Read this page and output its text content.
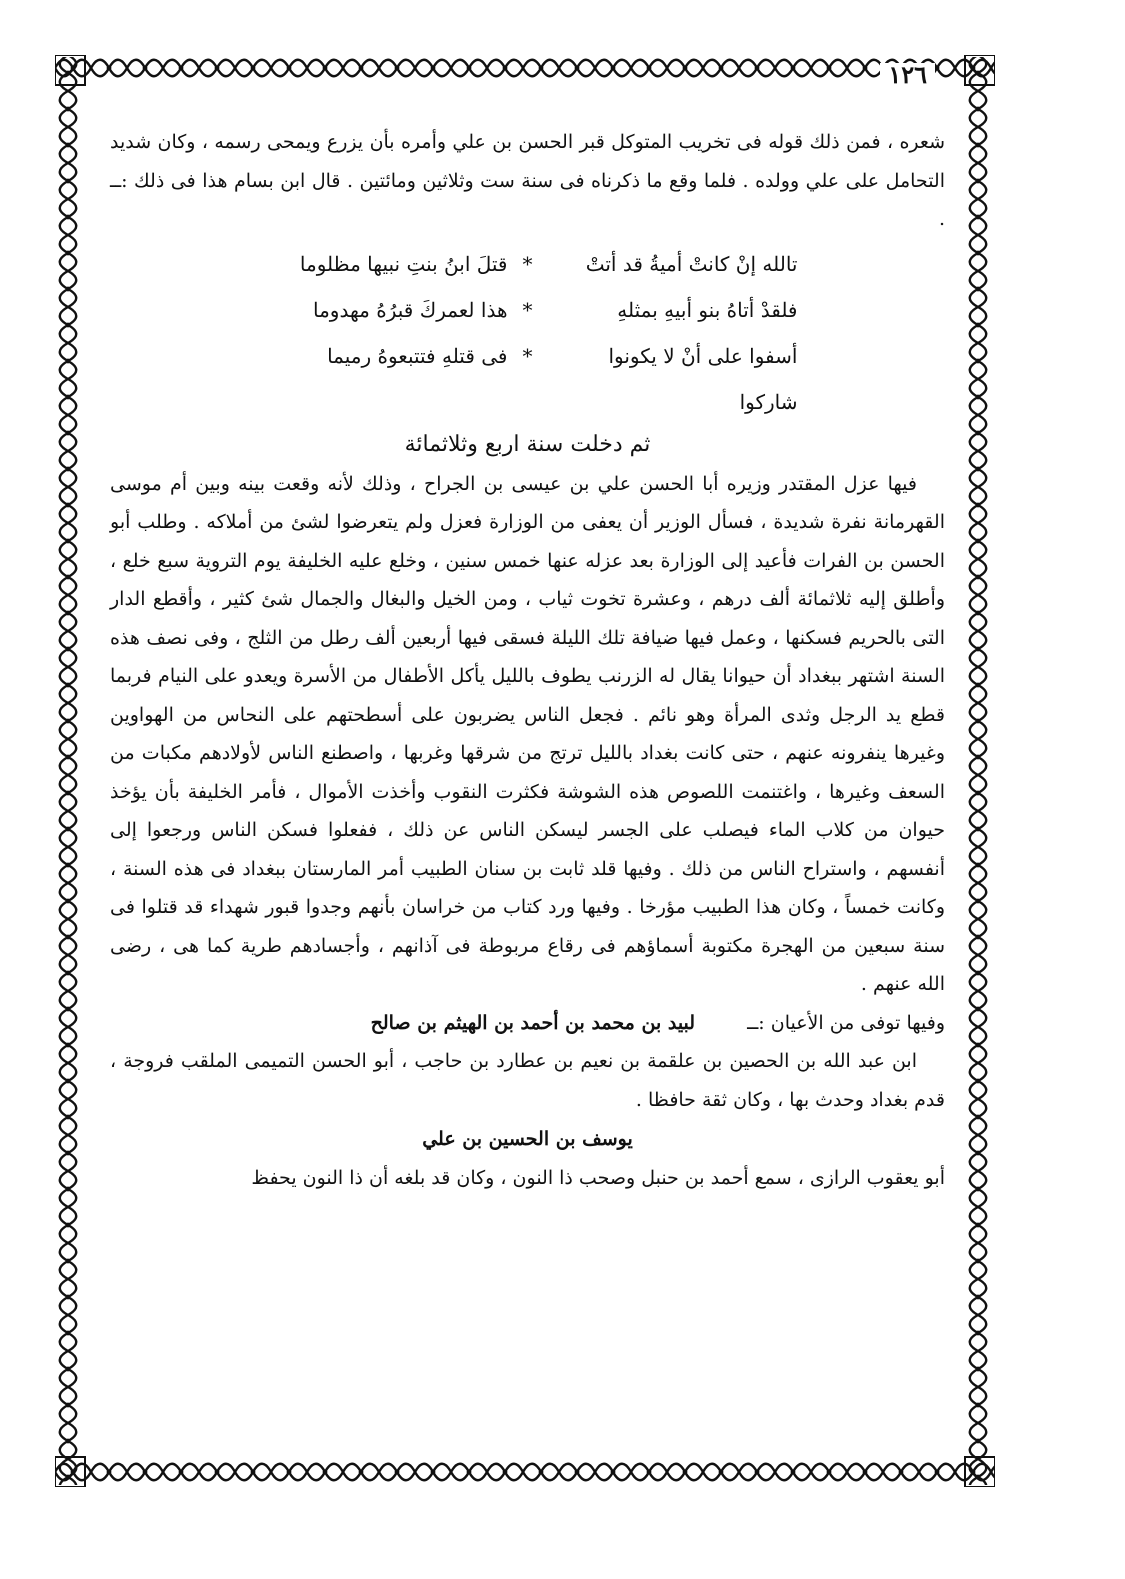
١٢٦

شعره ، فمن ذلك قوله فى تخريب المتوكل قبر الحسن بن علي وأمره بأن يزرع ويمحى رسمه ، وكان شديد التحامل على علي وولده . فلما وقع ما ذكرناه فى سنة ست وثلاثين ومائتين . قال ابن بسام هذا فى ذلك :ــ .

تالله إنْ كانتْ أميةُ قد أتتْ
*
قتلَ ابنُ بنتِ نبيها مظلوما
فلقدْ أتاهُ بنو أبيهِ بمثلهِ
*
هذا لعمركَ قبرُهُ مهدوما
أسفوا على أنْ لا يكونوا شاركوا
*
فى قتلهِ فتتبعوهُ رميما
ثم دخلت سنة اربع وثلاثمائة

فيها عزل المقتدر وزيره أبا الحسن علي بن عيسى بن الجراح ، وذلك لأنه وقعت بينه وبين أم موسى القهرمانة نفرة شديدة ، فسأل الوزير أن يعفى من الوزارة فعزل ولم يتعرضوا لشئ من أملاكه . وطلب أبو الحسن بن الفرات فأعيد إلى الوزارة بعد عزله عنها خمس سنين ، وخلع عليه الخليفة يوم التروية سبع خلع ، وأطلق إليه ثلاثمائة ألف درهم ، وعشرة تخوت ثياب ، ومن الخيل والبغال والجمال شئ كثير ، وأقطع الدار التى بالحريم فسكنها ، وعمل فيها ضيافة تلك الليلة فسقى فيها أربعين ألف رطل من الثلج ، وفى نصف هذه السنة اشتهر ببغداد أن حيوانا يقال له الزرنب يطوف بالليل يأكل الأطفال من الأسرة ويعدو على النيام فربما قطع يد الرجل وثدى المرأة وهو نائم . فجعل الناس يضربون على أسطحتهم على النحاس من الهواوين وغيرها ينفرونه عنهم ، حتى كانت بغداد بالليل ترتج من شرقها وغربها ، واصطنع الناس لأولادهم مكبات من السعف وغيرها ، واغتنمت اللصوص هذه الشوشة فكثرت النقوب وأخذت الأموال ، فأمر الخليفة بأن يؤخذ حيوان من كلاب الماء فيصلب على الجسر ليسكن الناس عن ذلك ، ففعلوا فسكن الناس ورجعوا إلى أنفسهم ، واستراح الناس من ذلك . وفيها قلد ثابت بن سنان الطبيب أمر المارستان ببغداد فى هذه السنة ، وكانت خمساً ، وكان هذا الطبيب مؤرخا . وفيها ورد كتاب من خراسان بأنهم وجدوا قبور شهداء قد قتلوا فى سنة سبعين من الهجرة مكتوبة أسماؤهم فى رقاع مربوطة فى آذانهم ، وأجسادهم طرية كما هى ، رضى الله عنهم .

وفيها توفى من الأعيان :ــ  لبيد بن محمد بن أحمد بن الهيثم بن صالح

ابن عبد الله بن الحصين بن علقمة بن نعيم بن عطارد بن حاجب ، أبو الحسن التميمى الملقب فروجة ، قدم بغداد وحدث بها ، وكان ثقة حافظا .

يوسف بن الحسين بن علي

أبو يعقوب الرازى ، سمع أحمد بن حنبل وصحب ذا النون ، وكان قد بلغه أن ذا النون يحفظ
